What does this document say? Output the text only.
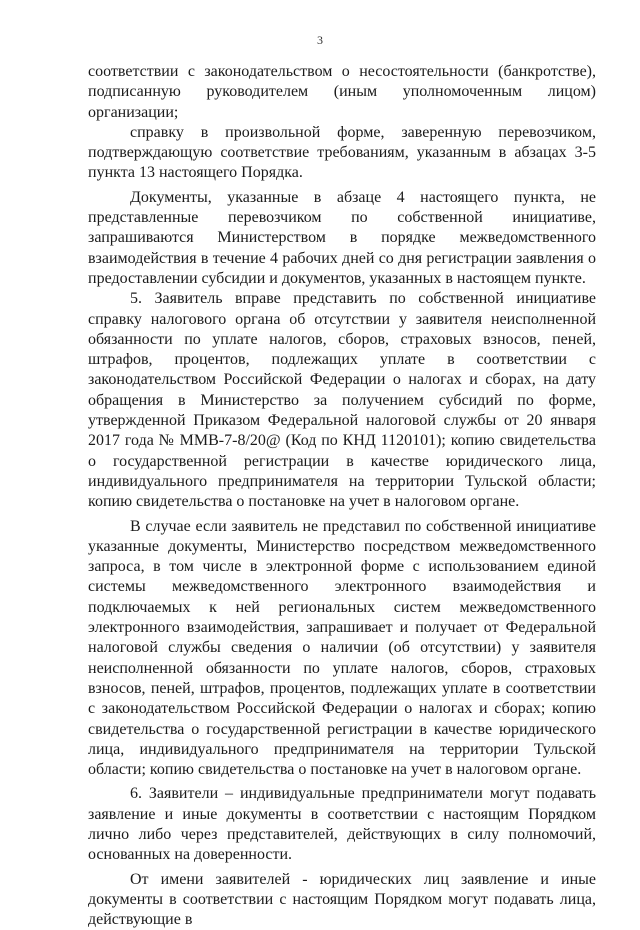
3

соответствии с законодательством о несостоятельности (банкротстве), подписанную руководителем (иным уполномоченным лицом) организации;

справку в произвольной форме, заверенную перевозчиком, подтверждающую соответствие требованиям, указанным в абзацах 3-5 пункта 13 настоящего Порядка.

Документы, указанные в абзаце 4 настоящего пункта, не представленные перевозчиком по собственной инициативе, запрашиваются Министерством в порядке межведомственного взаимодействия в течение 4 рабочих дней со дня регистрации заявления о предоставлении субсидии и документов, указанных в настоящем пункте.

5. Заявитель вправе представить по собственной инициативе справку налогового органа об отсутствии у заявителя неисполненной обязанности по уплате налогов, сборов, страховых взносов, пеней, штрафов, процентов, подлежащих уплате в соответствии с законодательством Российской Федерации о налогах и сборах, на дату обращения в Министерство за получением субсидий по форме, утвержденной Приказом Федеральной налоговой службы от 20 января 2017 года № ММВ-7-8/20@ (Код по КНД 1120101); копию свидетельства о государственной регистрации в качестве юридического лица, индивидуального предпринимателя на территории Тульской области; копию свидетельства о постановке на учет в налоговом органе.

В случае если заявитель не представил по собственной инициативе указанные документы, Министерство посредством межведомственного запроса, в том числе в электронной форме с использованием единой системы межведомственного электронного взаимодействия и подключаемых к ней региональных систем межведомственного электронного взаимодействия, запрашивает и получает от Федеральной налоговой службы сведения о наличии (об отсутствии) у заявителя неисполненной обязанности по уплате налогов, сборов, страховых взносов, пеней, штрафов, процентов, подлежащих уплате в соответствии с законодательством Российской Федерации о налогах и сборах; копию свидетельства о государственной регистрации в качестве юридического лица, индивидуального предпринимателя на территории Тульской области; копию свидетельства о постановке на учет в налоговом органе.

6. Заявители – индивидуальные предприниматели могут подавать заявление и иные документы в соответствии с настоящим Порядком лично либо через представителей, действующих в силу полномочий, основанных на доверенности.

От имени заявителей - юридических лиц заявление и иные документы в соответствии с настоящим Порядком могут подавать лица, действующие в
